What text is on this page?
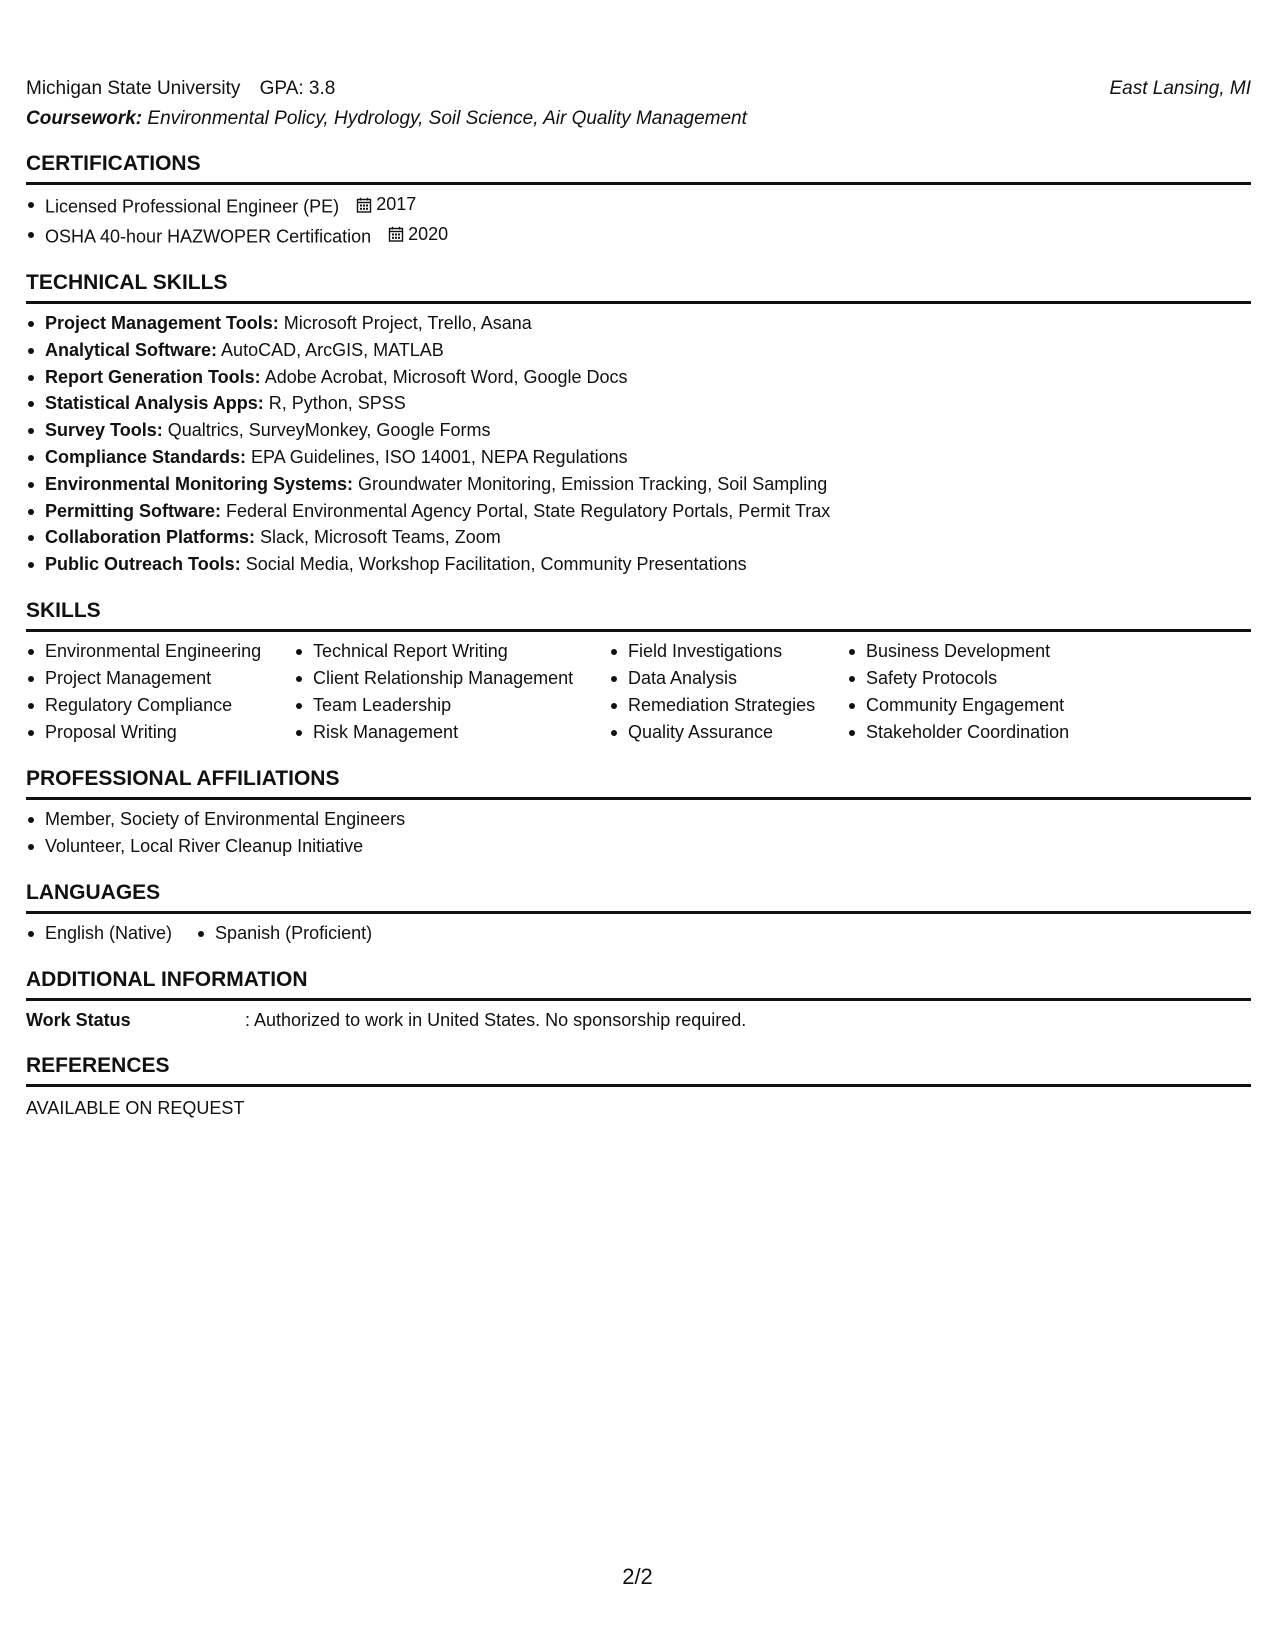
Michigan State University GPA: 3.8	East Lansing, MI
Coursework: Environmental Policy, Hydrology, Soil Science, Air Quality Management
CERTIFICATIONS
Licensed Professional Engineer (PE) 2017
OSHA 40-hour HAZWOPER Certification 2020
TECHNICAL SKILLS
Project Management Tools: Microsoft Project, Trello, Asana
Analytical Software: AutoCAD, ArcGIS, MATLAB
Report Generation Tools: Adobe Acrobat, Microsoft Word, Google Docs
Statistical Analysis Apps: R, Python, SPSS
Survey Tools: Qualtrics, SurveyMonkey, Google Forms
Compliance Standards: EPA Guidelines, ISO 14001, NEPA Regulations
Environmental Monitoring Systems: Groundwater Monitoring, Emission Tracking, Soil Sampling
Permitting Software: Federal Environmental Agency Portal, State Regulatory Portals, Permit Trax
Collaboration Platforms: Slack, Microsoft Teams, Zoom
Public Outreach Tools: Social Media, Workshop Facilitation, Community Presentations
SKILLS
Environmental Engineering
Project Management
Regulatory Compliance
Proposal Writing
Technical Report Writing
Client Relationship Management
Team Leadership
Risk Management
Field Investigations
Data Analysis
Remediation Strategies
Quality Assurance
Business Development
Safety Protocols
Community Engagement
Stakeholder Coordination
PROFESSIONAL AFFILIATIONS
Member, Society of Environmental Engineers
Volunteer, Local River Cleanup Initiative
LANGUAGES
English (Native)	Spanish (Proficient)
ADDITIONAL INFORMATION
Work Status	: Authorized to work in United States. No sponsorship required.
REFERENCES
AVAILABLE ON REQUEST
2/2
